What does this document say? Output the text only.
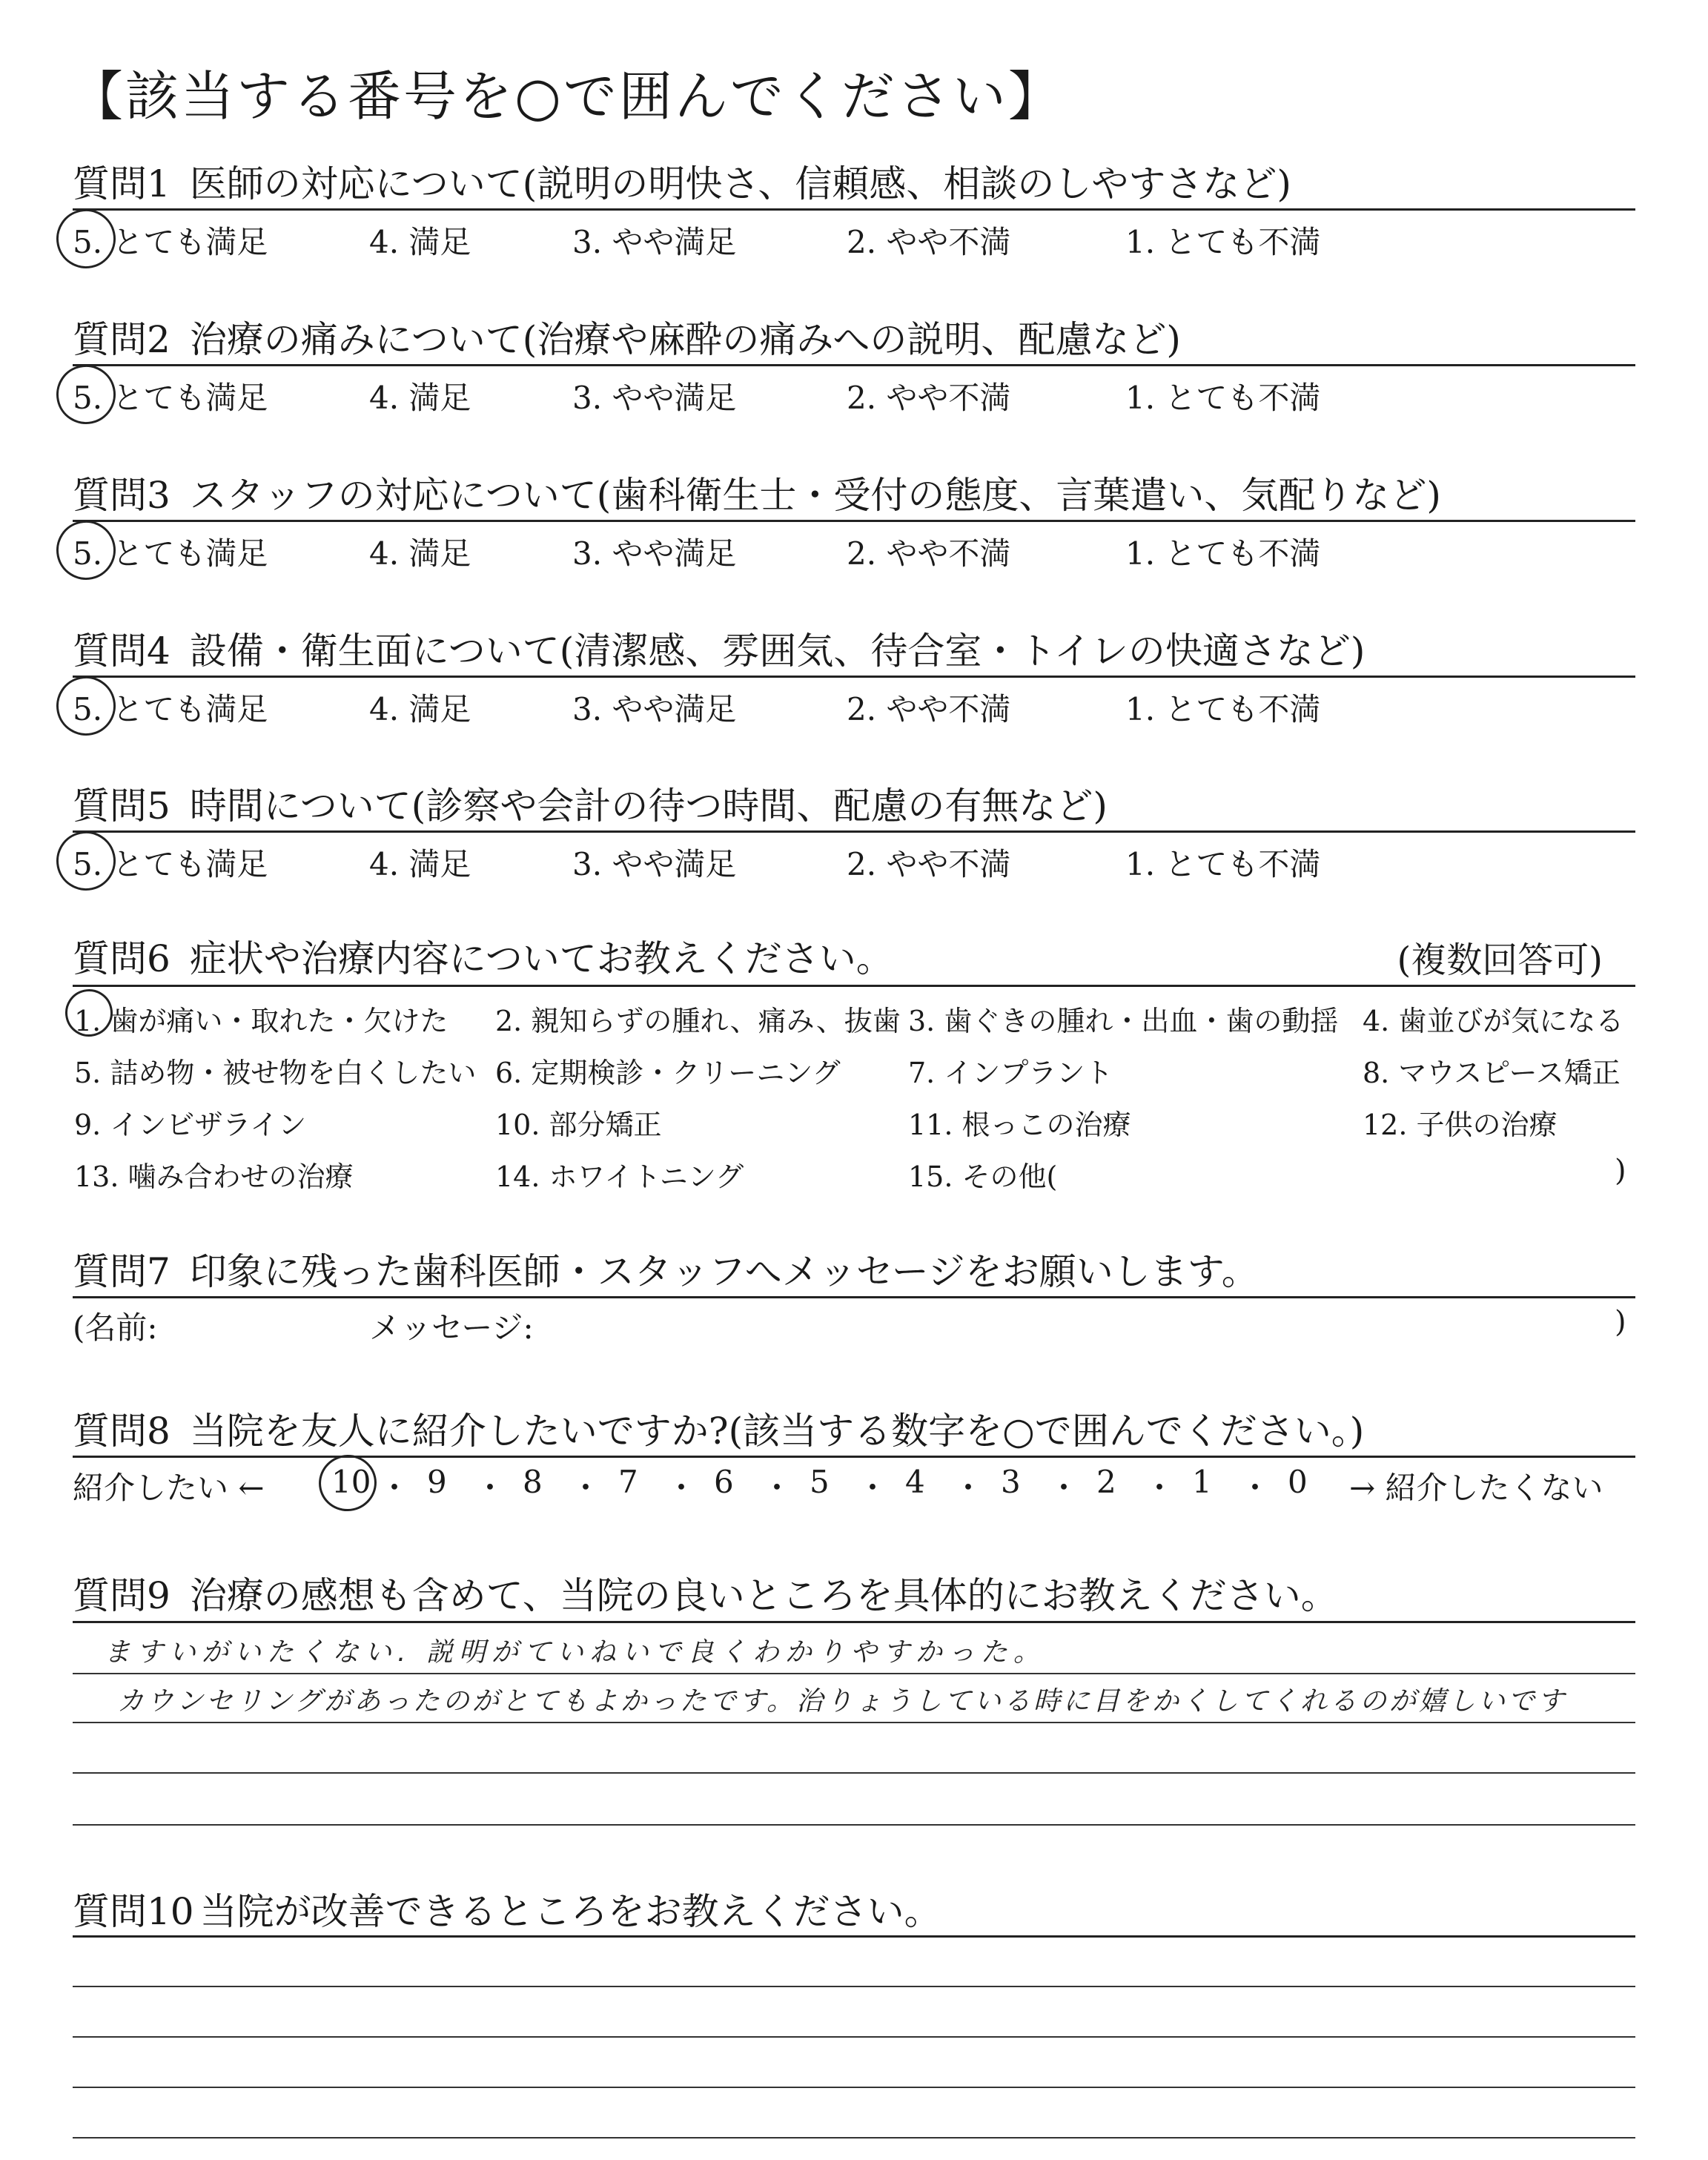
【該当する番号を○で囲んでください】
質問1 医師の対応について(説明の明快さ、信頼感、相談のしやすさなど)
5. とても満足	4. 満足	3. やや満足	2. やや不満	1. とても不満
質問2 治療の痛みについて(治療や麻酔の痛みへの説明、配慮など)
5. とても満足	4. 満足	3. やや満足	2. やや不満	1. とても不満
質問3 スタッフの対応について(歯科衛生士・受付の態度、言葉遣い、気配りなど)
5. とても満足	4. 満足	3. やや満足	2. やや不満	1. とても不満
質問4 設備・衛生面について(清潔感、雰囲気、待合室・トイレの快適さなど)
5. とても満足	4. 満足	3. やや満足	2. やや不満	1. とても不満
質問5 時間について(診察や会計の待つ時間、配慮の有無など)
5. とても満足	4. 満足	3. やや満足	2. やや不満	1. とても不満
質問6 症状や治療内容についてお教えください。	(複数回答可)
1. 歯が痛い・取れた・欠けた 2. 親知らずの腫れ、痛み、抜歯 3. 歯ぐきの腫れ・出血・歯の動揺 4. 歯並びが気になる
5. 詰め物・被せ物を白くしたい 6. 定期検診・クリーニング 7. インプラント	8. マウスピース矯正
9. インビザライン	10. 部分矯正	11. 根っこの治療	12. 子供の治療
13. 噛み合わせの治療	14. ホワイトニング	15. その他(	)
質問7 印象に残った歯科医師・スタッフへメッセージをお願いします。
(名前:	メッセージ:	)
質問8 当院を友人に紹介したいですか?(該当する数字を○で囲んでください。)
紹介したい ← 10 ・ 9 ・ 8 ・ 7 ・ 6 ・ 5 ・ 4 ・ 3 ・ 2 ・ 1 ・ 0 → 紹介したくない
質問9 治療の感想も含めて、当院の良いところを具体的にお教えください。
ますいがいたくない. 説明がていねいで良くわかりやすかった。
カウンセリングがあったのがとてもよかったです。治りょうしている時に目をかくしてくれるのが嬉しいです
質問10 当院が改善できるところをお教えください。
